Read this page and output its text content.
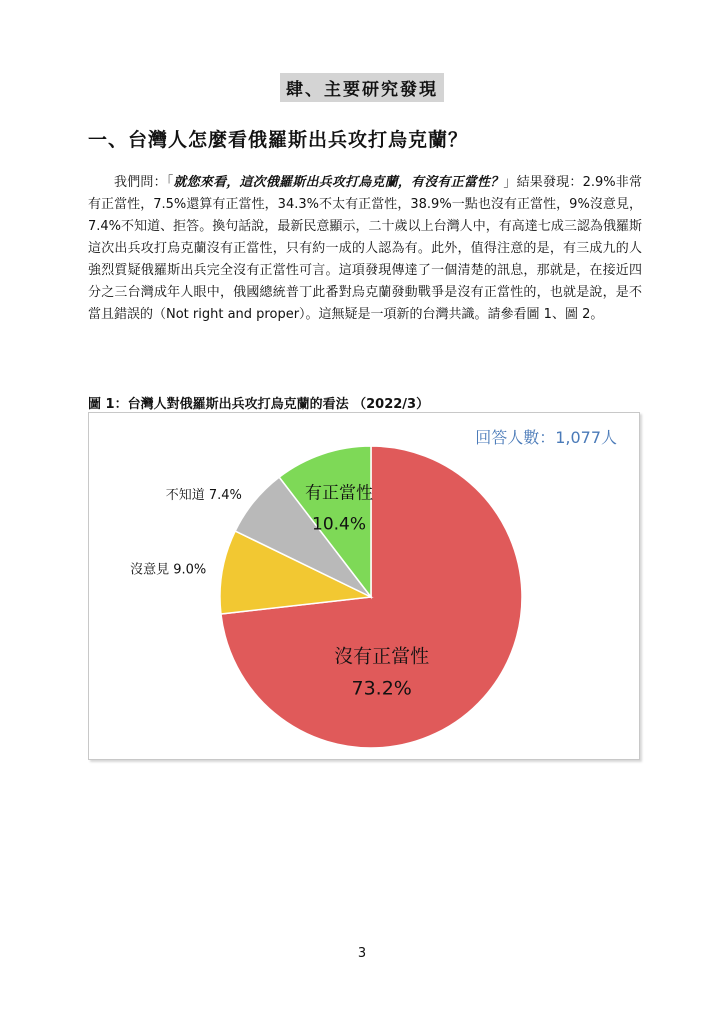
肆、主要研究發現
一、台灣人怎麼看俄羅斯出兵攻打烏克蘭？
我們問：「就您來看，這次俄羅斯出兵攻打烏克蘭，有沒有正當性？」結果發現：2.9%非常有正當性，7.5%還算有正當性，34.3%不太有正當性，38.9%一點也沒有正當性，9%沒意見，7.4%不知道、拒答。換句話說，最新民意顯示，二十歲以上台灣人中，有高達七成三認為俄羅斯這次出兵攻打烏克蘭沒有正當性，只有約一成的人認為有。此外，值得注意的是，有三成九的人強烈質疑俄羅斯出兵完全沒有正當性可言。這項發現傳達了一個清楚的訊息，那就是，在接近四分之三台灣成年人眼中，俄國總統普丁此番對烏克蘭發動戰爭是沒有正當性的，也就是說，是不當且錯誤的（Not right and proper）。這無疑是一項新的台灣共識。請參看圖 1、圖 2。
圖 1：台灣人對俄羅斯出兵攻打烏克蘭的看法 （2022/3）
沒有正當性
73.2%
有正當性
10.4%
沒意見 9.0%
不知道 7.4%
回答人數：1,077人
3
